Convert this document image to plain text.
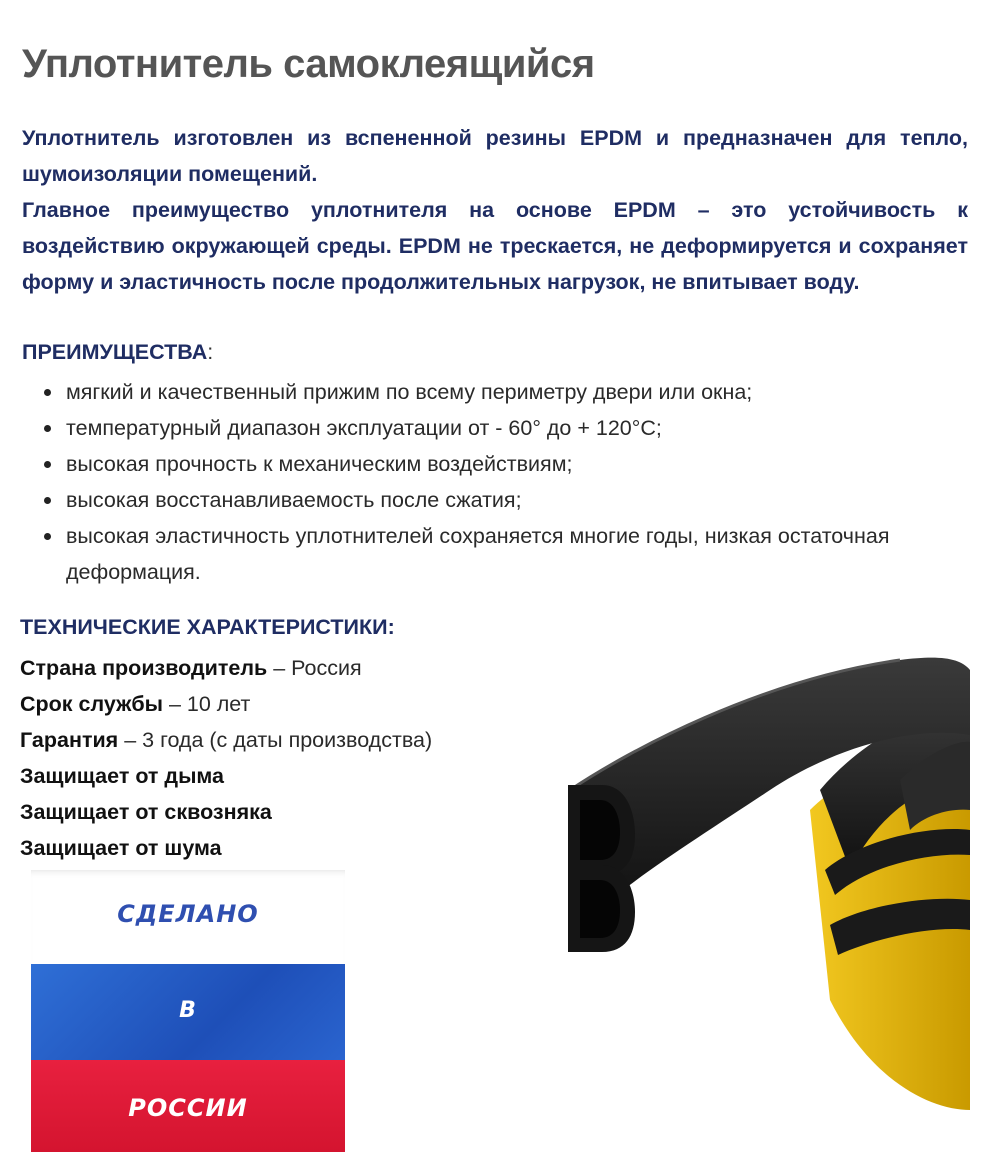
Уплотнитель самоклеящийся

Уплотнитель изготовлен из вспененной резины EPDM и предназначен для тепло, шумоизоляции помещений.

Главное преимущество уплотнителя на основе EPDM – это устойчивость к воздействию окружающей среды. EPDM не трескается, не деформируется и сохраняет форму и эластичность после продолжительных нагрузок, не впитывает воду.

ПРЕИМУЩЕСТВА:
мягкий и качественный прижим по всему периметру двери или окна;
температурный диапазон эксплуатации от - 60° до + 120°С;
высокая прочность к механическим воздействиям;
высокая восстанавливаемость после сжатия;
высокая эластичность уплотнителей сохраняется многие годы, низкая остаточная деформация.
ТЕХНИЧЕСКИЕ ХАРАКТЕРИСТИКИ:
Страна производитель – Россия
Срок службы – 10 лет
Гарантия – 3 года (с даты производства)
Защищает от дыма
Защищает от сквозняка
Защищает от шума
СДЕЛАНО
В
РОССИИ
